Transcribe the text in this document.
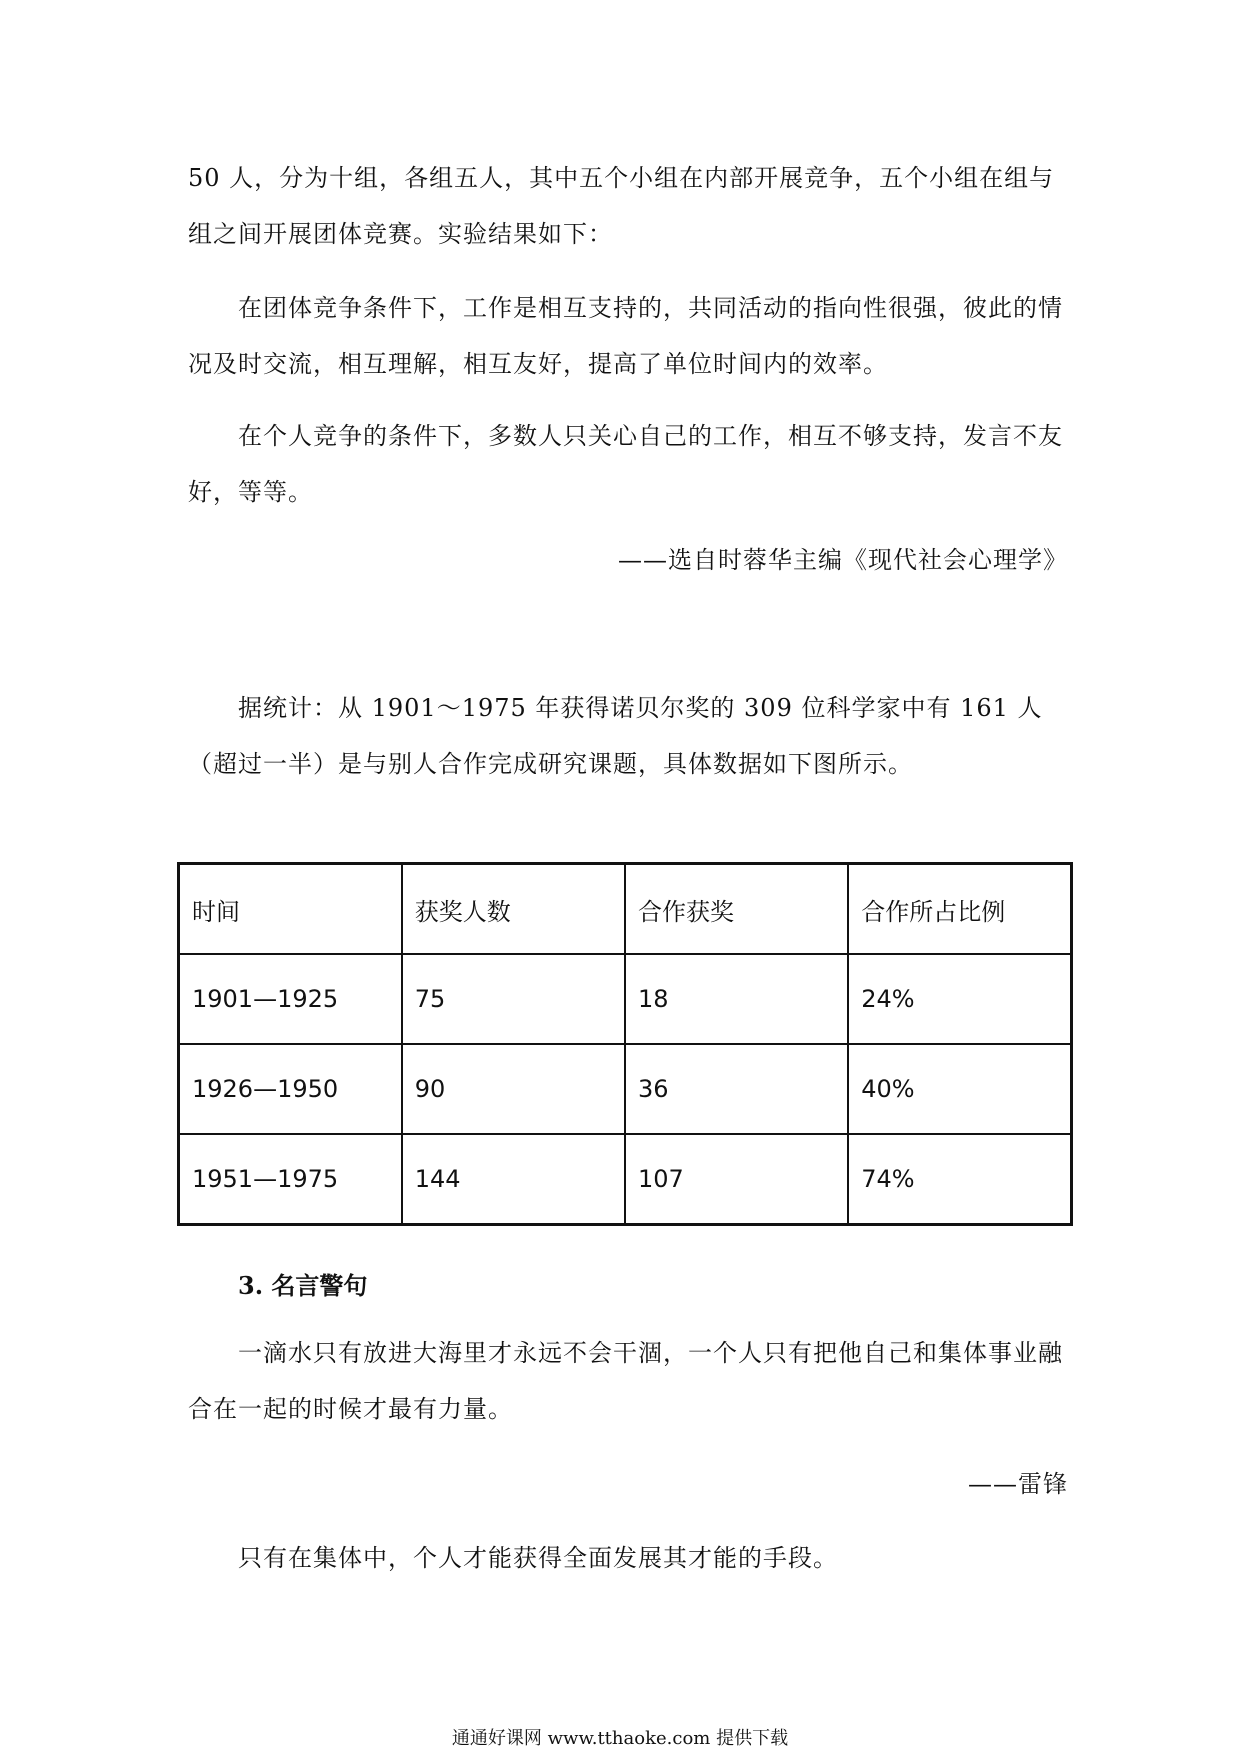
50 人，分为十组，各组五人，其中五个小组在内部开展竞争，五个小组在组与组之间开展团体竞赛。实验结果如下：

在团体竞争条件下，工作是相互支持的，共同活动的指向性很强，彼此的情况及时交流，相互理解，相互友好，提高了单位时间内的效率。

在个人竞争的条件下，多数人只关心自己的工作，相互不够支持，发言不友好，等等。

——选自时蓉华主编《现代社会心理学》

据统计：从 1901～1975 年获得诺贝尔奖的 309 位科学家中有 161 人（超过一半）是与别人合作完成研究课题，具体数据如下图所示。

时间	获奖人数	合作获奖	合作所占比例
1901—1925	75	18	24%
1926—1950	90	36	40%
1951—1975	144	107	74%
3. 名言警句

一滴水只有放进大海里才永远不会干涸，一个人只有把他自己和集体事业融合在一起的时候才最有力量。

——雷锋

只有在集体中，个人才能获得全面发展其才能的手段。

通通好课网 www.tthaoke.com 提供下载
